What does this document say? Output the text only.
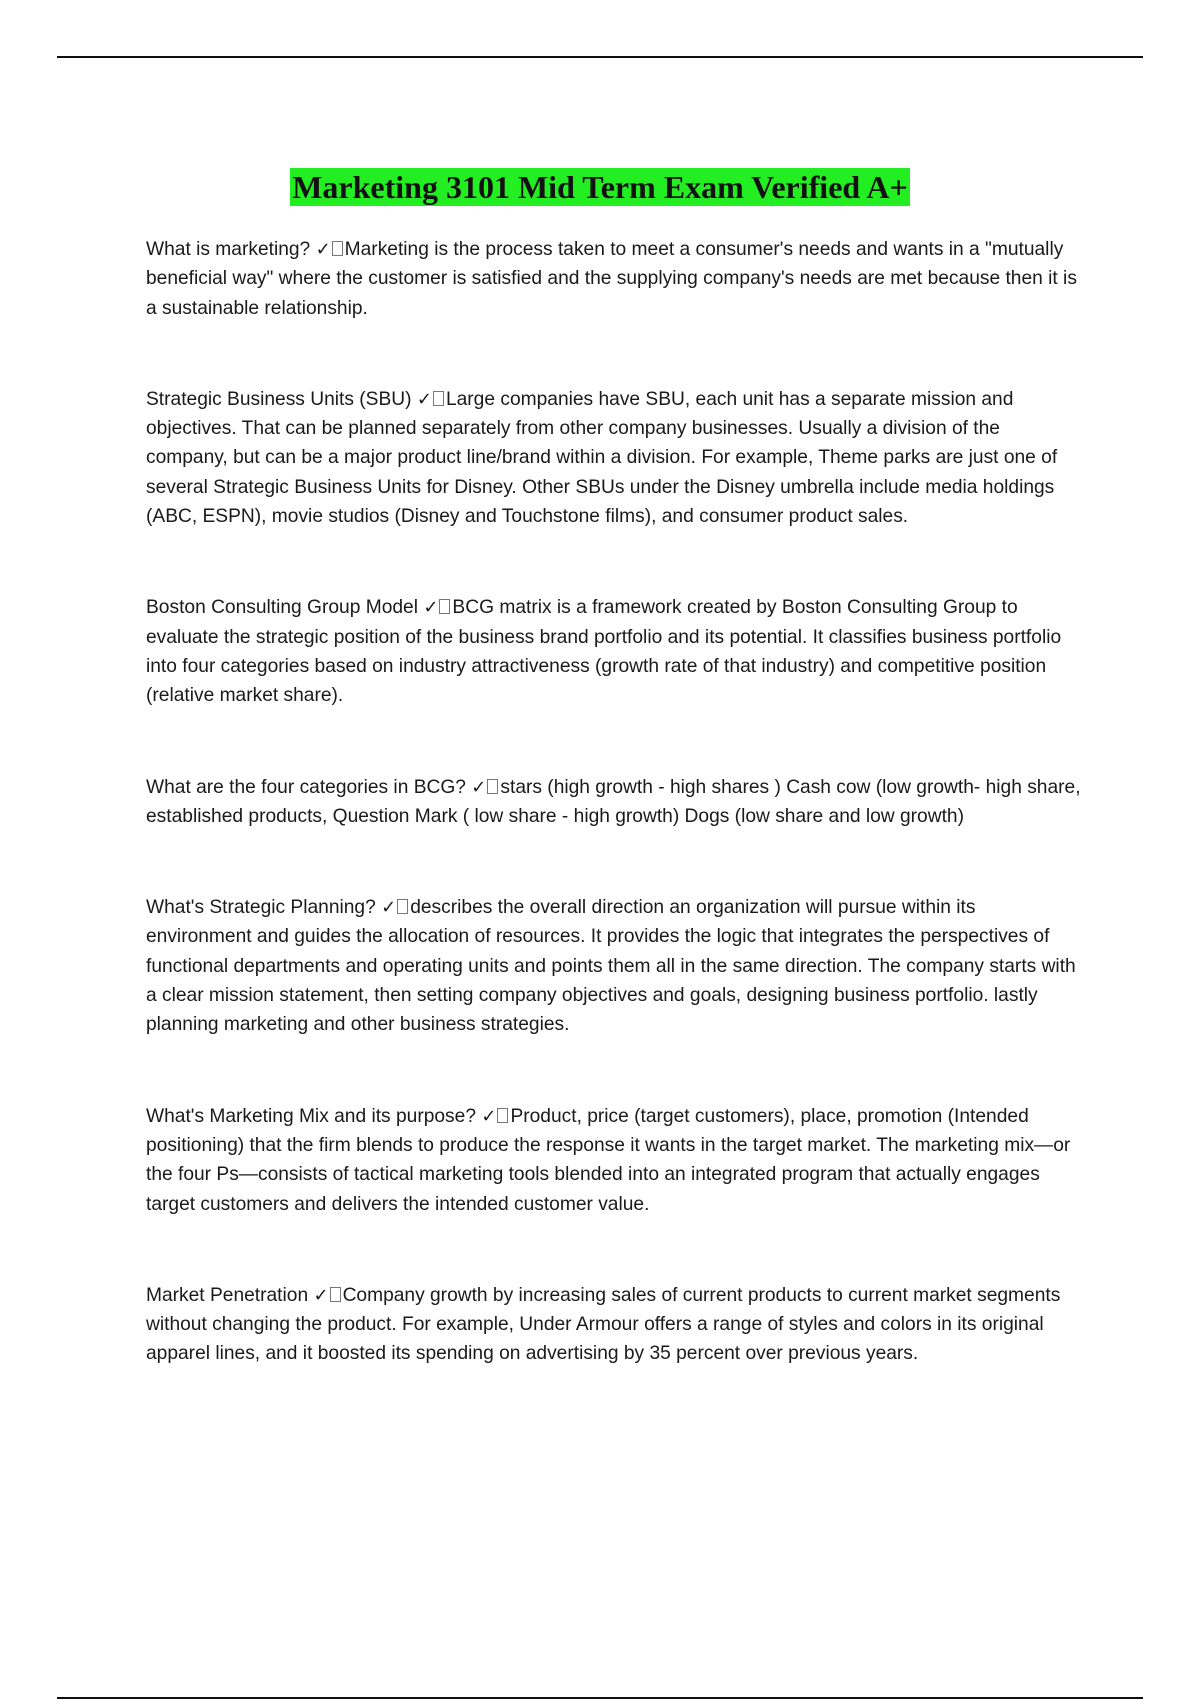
Marketing 3101 Mid Term Exam Verified A+

What is marketing? ✓ Marketing is the process taken to meet a consumer's needs and wants in a "mutually beneficial way" where the customer is satisfied and the supplying company's needs are met because then it is a sustainable relationship.

Strategic Business Units (SBU) ✓ Large companies have SBU, each unit has a separate mission and objectives. That can be planned separately from other company businesses. Usually a division of the company, but can be a major product line/brand within a division. For example, Theme parks are just one of several Strategic Business Units for Disney. Other SBUs under the Disney umbrella include media holdings (ABC, ESPN), movie studios (Disney and Touchstone films), and consumer product sales.

Boston Consulting Group Model ✓ BCG matrix is a framework created by Boston Consulting Group to evaluate the strategic position of the business brand portfolio and its potential. It classifies business portfolio into four categories based on industry attractiveness (growth rate of that industry) and competitive position (relative market share).

What are the four categories in BCG? ✓ stars (high growth - high shares ) Cash cow (low growth- high share, established products, Question Mark ( low share - high growth) Dogs (low share and low growth)

What's Strategic Planning? ✓ describes the overall direction an organization will pursue within its environment and guides the allocation of resources. It provides the logic that integrates the perspectives of functional departments and operating units and points them all in the same direction. The company starts with a clear mission statement, then setting company objectives and goals, designing business portfolio. lastly planning marketing and other business strategies.

What's Marketing Mix and its purpose? ✓ Product, price (target customers), place, promotion (Intended positioning) that the firm blends to produce the response it wants in the target market. The marketing mix—or the four Ps—consists of tactical marketing tools blended into an integrated program that actually engages target customers and delivers the intended customer value.

Market Penetration ✓ Company growth by increasing sales of current products to current market segments without changing the product. For example, Under Armour offers a range of styles and colors in its original apparel lines, and it boosted its spending on advertising by 35 percent over previous years.
